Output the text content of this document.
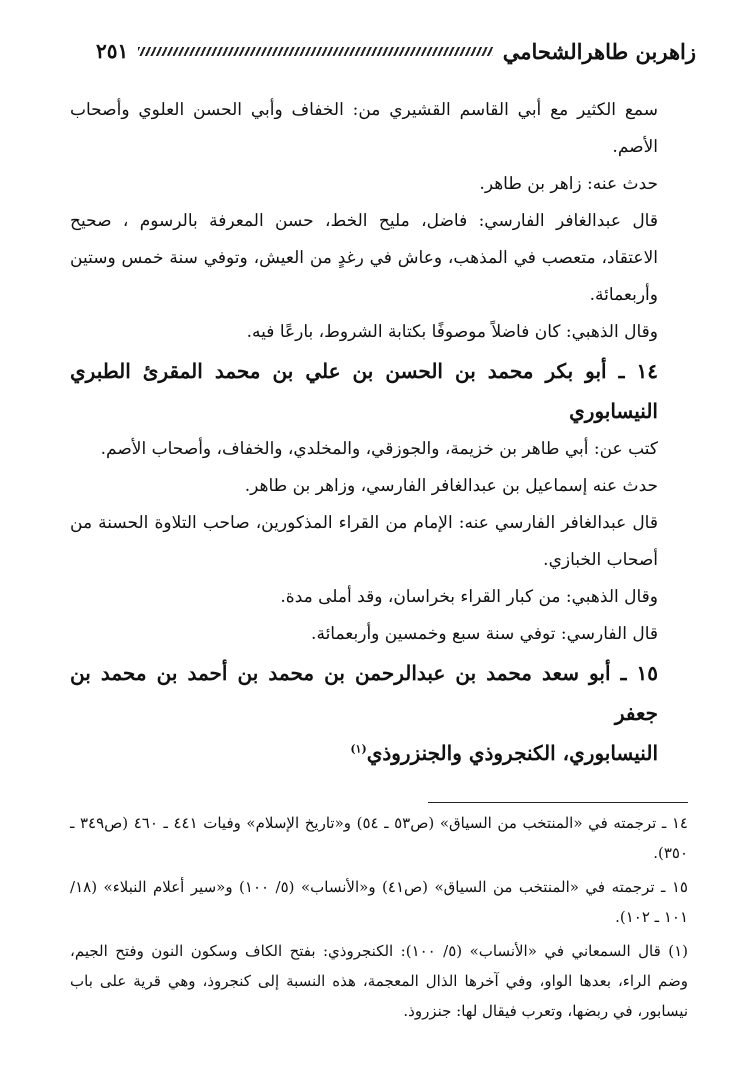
زاهربن طاهرالشحامي
٢٥١

سمع الكثير مع أبي القاسم القشيري من: الخفاف وأبي الحسن العلوي وأصحاب الأصم.

حدث عنه: زاهر بن طاهر.

قال عبدالغافر الفارسي: فاضل، مليح الخط، حسن المعرفة بالرسوم ، صحيح الاعتقاد، متعصب في المذهب، وعاش في رغدٍ من العيش، وتوفي سنة خمس وستين وأربعمائة.

وقال الذهبي: كان فاضلاً موصوفًا بكتابة الشروط، بارعًا فيه.

١٤ ـ أبو بكر محمد بن الحسن بن علي بن محمد المقرئ الطبري النيسابوري

كتب عن: أبي طاهر بن خزيمة، والجوزقي، والمخلدي، والخفاف، وأصحاب الأصم.

حدث عنه إسماعيل بن عبدالغافر الفارسي، وزاهر بن طاهر.

قال عبدالغافر الفارسي عنه: الإمام من القراء المذكورين، صاحب التلاوة الحسنة من أصحاب الخبازي.

وقال الذهبي: من كبار القراء بخراسان، وقد أملى مدة.

قال الفارسي: توفي سنة سبع وخمسين وأربعمائة.

١٥ ـ أبو سعد محمد بن عبدالرحمن بن محمد بن أحمد بن محمد بن جعفر
النيسابوري، الكنجروذي والجنزروذي$^{(١)}$

١٤ ـ ترجمته في «المنتخب من السياق» (ص٥٣ ـ ٥٤) و«تاريخ الإسلام» وفيات ٤٤١ ـ ٤٦٠ (ص٣٤٩ ـ ٣٥٠).

١٥ ـ ترجمته في «المنتخب من السياق» (ص٤١) و«الأنساب» (٥/ ١٠٠) و«سير أعلام النبلاء» (١٨/ ١٠١ ـ ١٠٢).

(١) قال السمعاني في «الأنساب» (٥/ ١٠٠): الكنجروذي: بفتح الكاف وسكون النون وفتح الجيم، وضم الراء، بعدها الواو، وفي آخرها الذال المعجمة، هذه النسبة إلى كنجروذ، وهي قرية على باب نيسابور، في ربضها، وتعرب فيقال لها: جنزروذ.
